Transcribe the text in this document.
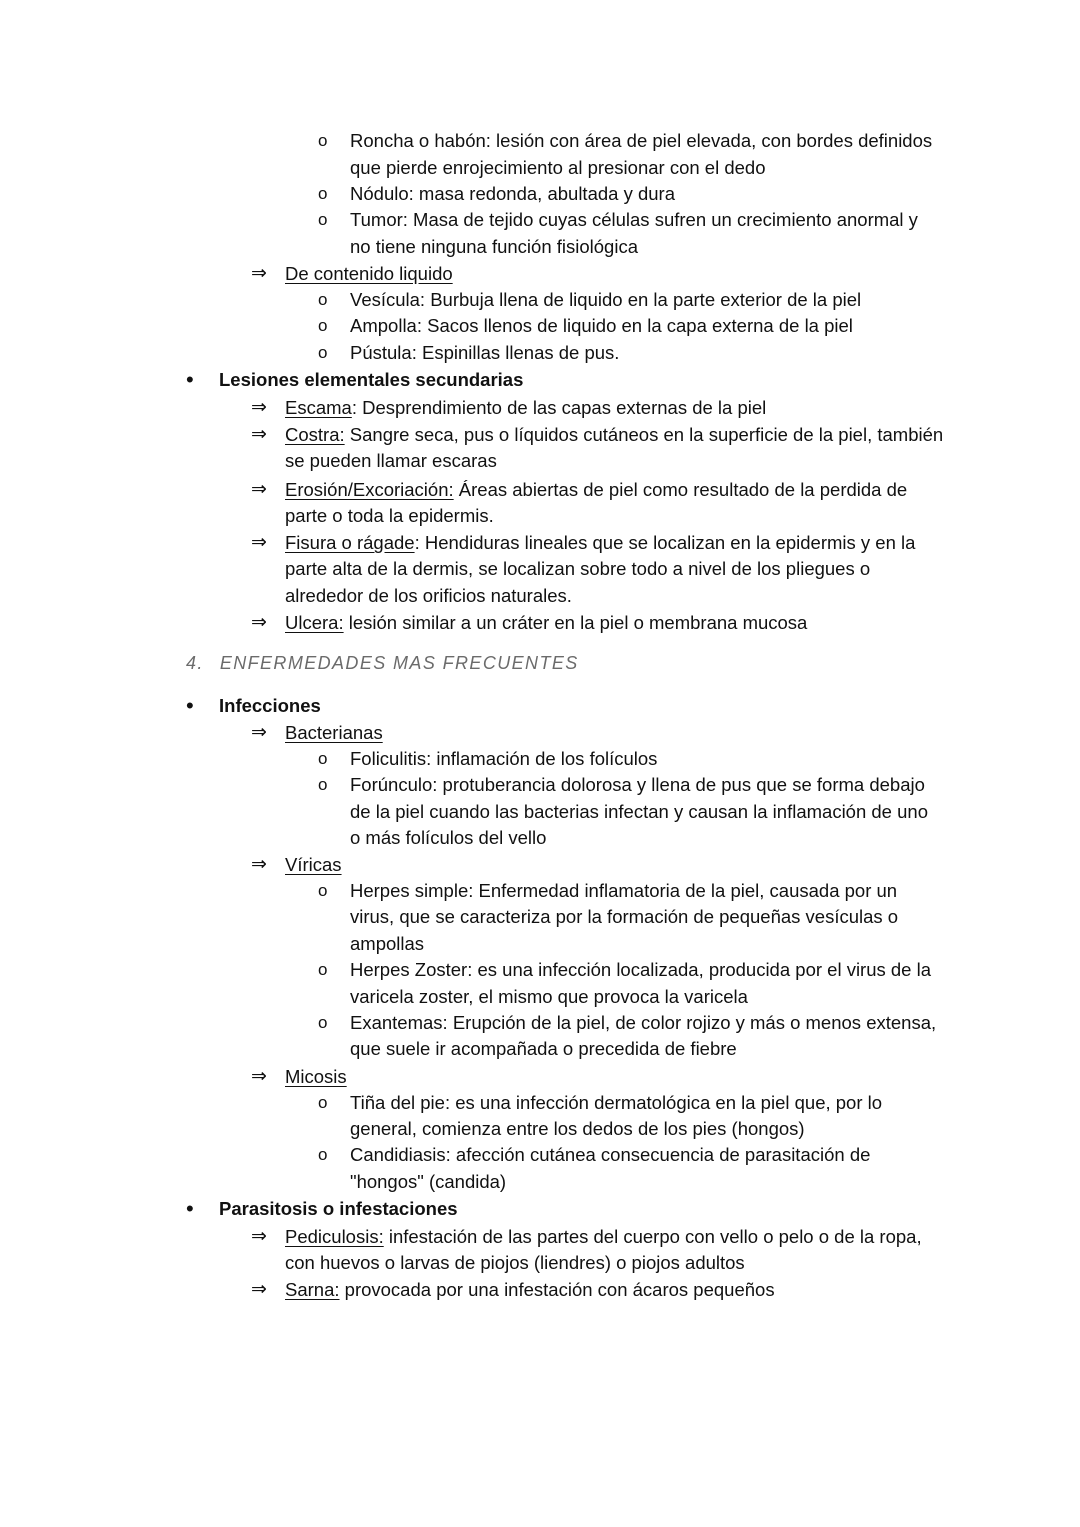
o Roncha o habón: lesión con área de piel elevada, con bordes definidos
que pierde enrojecimiento al presionar con el dedo
o Nódulo: masa redonda, abultada y dura
o Tumor: Masa de tejido cuyas células sufren un crecimiento anormal y
no tiene ninguna función fisiológica
⇒ De contenido liquido
o Vesícula: Burbuja llena de liquido en la parte exterior de la piel
o Ampolla: Sacos llenos de liquido en la capa externa de la piel
o Pústula: Espinillas llenas de pus.
• Lesiones elementales secundarias
⇒ Escama: Desprendimiento de las capas externas de la piel
⇒ Costra: Sangre seca, pus o líquidos cutáneos en la superficie de la piel, también
se pueden llamar escaras
⇒ Erosión/Excoriación: Áreas abiertas de piel como resultado de la perdida de
parte o toda la epidermis.
⇒ Fisura o rágade: Hendiduras lineales que se localizan en la epidermis y en la
parte alta de la dermis, se localizan sobre todo a nivel de los pliegues o
alrededor de los orificios naturales.
⇒ Ulcera: lesión similar a un cráter en la piel o membrana mucosa
4. ENFERMEDADES MAS FRECUENTES
• Infecciones
⇒ Bacterianas
o Foliculitis: inflamación de los folículos
o Forúnculo: protuberancia dolorosa y llena de pus que se forma debajo
de la piel cuando las bacterias infectan y causan la inflamación de uno
o más folículos del vello
⇒ Víricas
o Herpes simple: Enfermedad inflamatoria de la piel, causada por un
virus, que se caracteriza por la formación de pequeñas vesículas o
ampollas
o Herpes Zoster: es una infección localizada, producida por el virus de la
varicela zoster, el mismo que provoca la varicela
o Exantemas: Erupción de la piel, de color rojizo y más o menos extensa,
que suele ir acompañada o precedida de fiebre
⇒ Micosis
o Tiña del pie: es una infección dermatológica en la piel que, por lo
general, comienza entre los dedos de los pies (hongos)
o Candidiasis: afección cutánea consecuencia de parasitación de
"hongos" (candida)
• Parasitosis o infestaciones
⇒ Pediculosis: infestación de las partes del cuerpo con vello o pelo o de la ropa,
con huevos o larvas de piojos (liendres) o piojos adultos
⇒ Sarna: provocada por una infestación con ácaros pequeños
